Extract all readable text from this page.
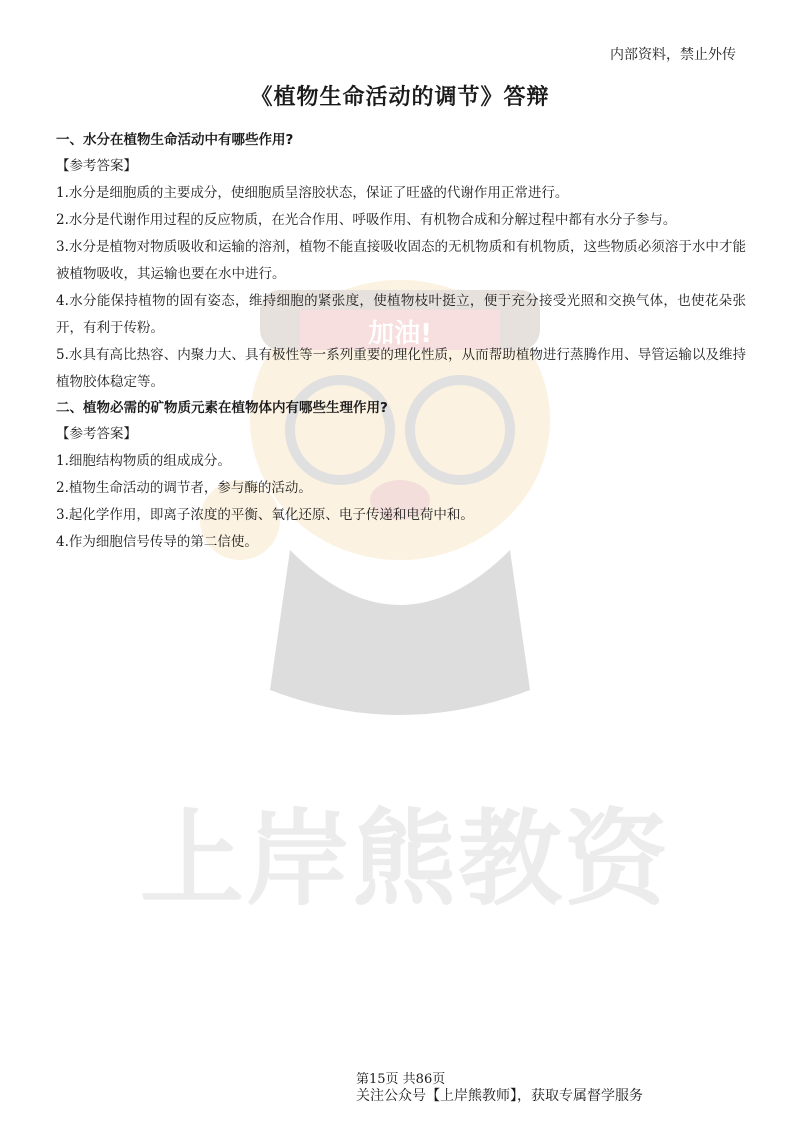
加油!
上岸熊教资
内部资料，禁止外传
《植物生命活动的调节》答辩

一、水分在植物生命活动中有哪些作用?

【参考答案】

1.水分是细胞质的主要成分，使细胞质呈溶胶状态，保证了旺盛的代谢作用正常进行。

2.水分是代谢作用过程的反应物质，在光合作用、呼吸作用、有机物合成和分解过程中都有水分子参与。

3.水分是植物对物质吸收和运输的溶剂，植物不能直接吸收固态的无机物质和有机物质，这些物质必须溶于水中才能被植物吸收，其运输也要在水中进行。

4.水分能保持植物的固有姿态，维持细胞的紧张度，使植物枝叶挺立，便于充分接受光照和交换气体，也使花朵张开，有利于传粉。

5.水具有高比热容、内聚力大、具有极性等一系列重要的理化性质，从而帮助植物进行蒸腾作用、导管运输以及维持植物胶体稳定等。

二、植物必需的矿物质元素在植物体内有哪些生理作用?

【参考答案】

1.细胞结构物质的组成成分。

2.植物生命活动的调节者，参与酶的活动。

3.起化学作用，即离子浓度的平衡、氧化还原、电子传递和电荷中和。

4.作为细胞信号传导的第二信使。

第15页 共86页
关注公众号【上岸熊教师】，获取专属督学服务
